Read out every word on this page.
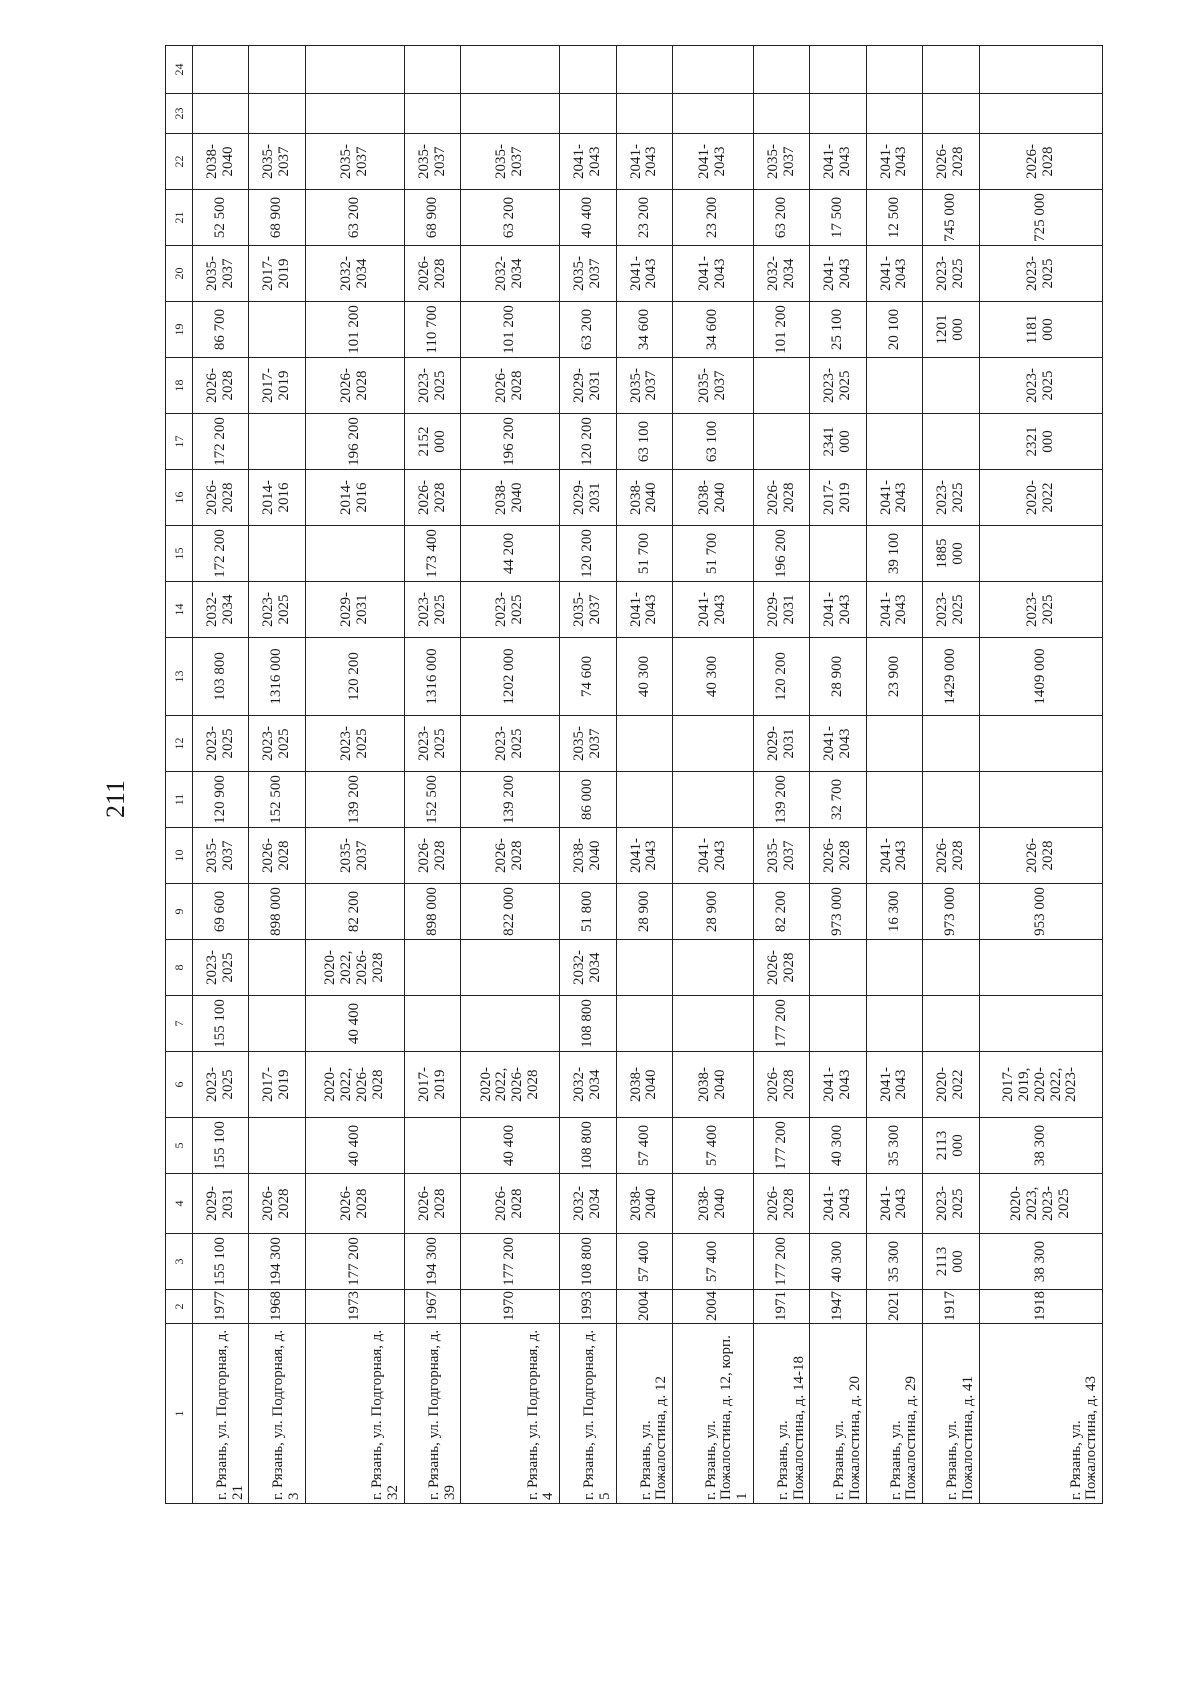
211
1	2	3	4	5	6	7	8	9	10	11	12	13	14	15	16	17	18	19	20	21	22	23	24
г. Рязань, ул. Подгорная, д. 21	1977	155 100	2029-2031	155 100	2023-2025	155 100	2023-2025	69 600	2035-2037	120 900	2023-2025	103 800	2032-2034	172 200	2026-2028	172 200	2026-2028	86 700	2035-2037	52 500	2038-2040		
г. Рязань, ул. Подгорная, д. 3	1968	194 300	2026-2028		2017-2019			898 000	2026-2028	152 500	2023-2025	1316 000	2023-2025		2014-2016		2017-2019		2017-2019	68 900	2035-2037		
г. Рязань, ул. Подгорная, д. 32	1973	177 200	2026-2028	40 400	2020-2022, 2026-2028	40 400	2020-2022, 2026-2028	82 200	2035-2037	139 200	2023-2025	120 200	2029-2031		2014-2016	196 200	2026-2028	101 200	2032-2034	63 200	2035-2037		
г. Рязань, ул. Подгорная, д. 39	1967	194 300	2026-2028		2017-2019			898 000	2026-2028	152 500	2023-2025	1316 000	2023-2025	173 400	2026-2028	2152 000	2023-2025	110 700	2026-2028	68 900	2035-2037		
г. Рязань, ул. Подгорная, д. 4	1970	177 200	2026-2028	40 400	2020-2022, 2026-2028			822 000	2026-2028	139 200	2023-2025	1202 000	2023-2025	44 200	2038-2040	196 200	2026-2028	101 200	2032-2034	63 200	2035-2037		
г. Рязань, ул. Подгорная, д. 5	1993	108 800	2032-2034	108 800	2032-2034	108 800	2032-2034	51 800	2038-2040	86 000	2035-2037	74 600	2035-2037	120 200	2029-2031	120 200	2029-2031	63 200	2035-2037	40 400	2041-2043		
г. Рязань, ул. Пожалостина, д. 12	2004	57 400	2038-2040	57 400	2038-2040			28 900	2041-2043			40 300	2041-2043	51 700	2038-2040	63 100	2035-2037	34 600	2041-2043	23 200	2041-2043		
г. Рязань, ул. Пожалостина, д. 12, корп. 1	2004	57 400	2038-2040	57 400	2038-2040			28 900	2041-2043			40 300	2041-2043	51 700	2038-2040	63 100	2035-2037	34 600	2041-2043	23 200	2041-2043		
г. Рязань, ул. Пожалостина, д. 14-18	1971	177 200	2026-2028	177 200	2026-2028	177 200	2026-2028	82 200	2035-2037	139 200	2029-2031	120 200	2029-2031	196 200	2026-2028			101 200	2032-2034	63 200	2035-2037		
г. Рязань, ул. Пожалостина, д. 20	1947	40 300	2041-2043	40 300	2041-2043			973 000	2026-2028	32 700	2041-2043	28 900	2041-2043		2017-2019	2341 000	2023-2025	25 100	2041-2043	17 500	2041-2043		
г. Рязань, ул. Пожалостина, д. 29	2021	35 300	2041-2043	35 300	2041-2043			16 300	2041-2043			23 900	2041-2043	39 100	2041-2043			20 100	2041-2043	12 500	2041-2043		
г. Рязань, ул. Пожалостина, д. 41	1917	2113 000	2023-2025	2113 000	2020-2022			973 000	2026-2028			1429 000	2023-2025	1885 000	2023-2025			1201 000	2023-2025	745 000	2026-2028		
г. Рязань, ул. Пожалостина, д. 43	1918	38 300	2020-2023, 2023-2025	38 300	2017-2019, 2020-2022, 2023-			953 000	2026-2028			1409 000	2023-2025		2020-2022	2321 000	2023-2025	1181 000	2023-2025	725 000	2026-2028		
